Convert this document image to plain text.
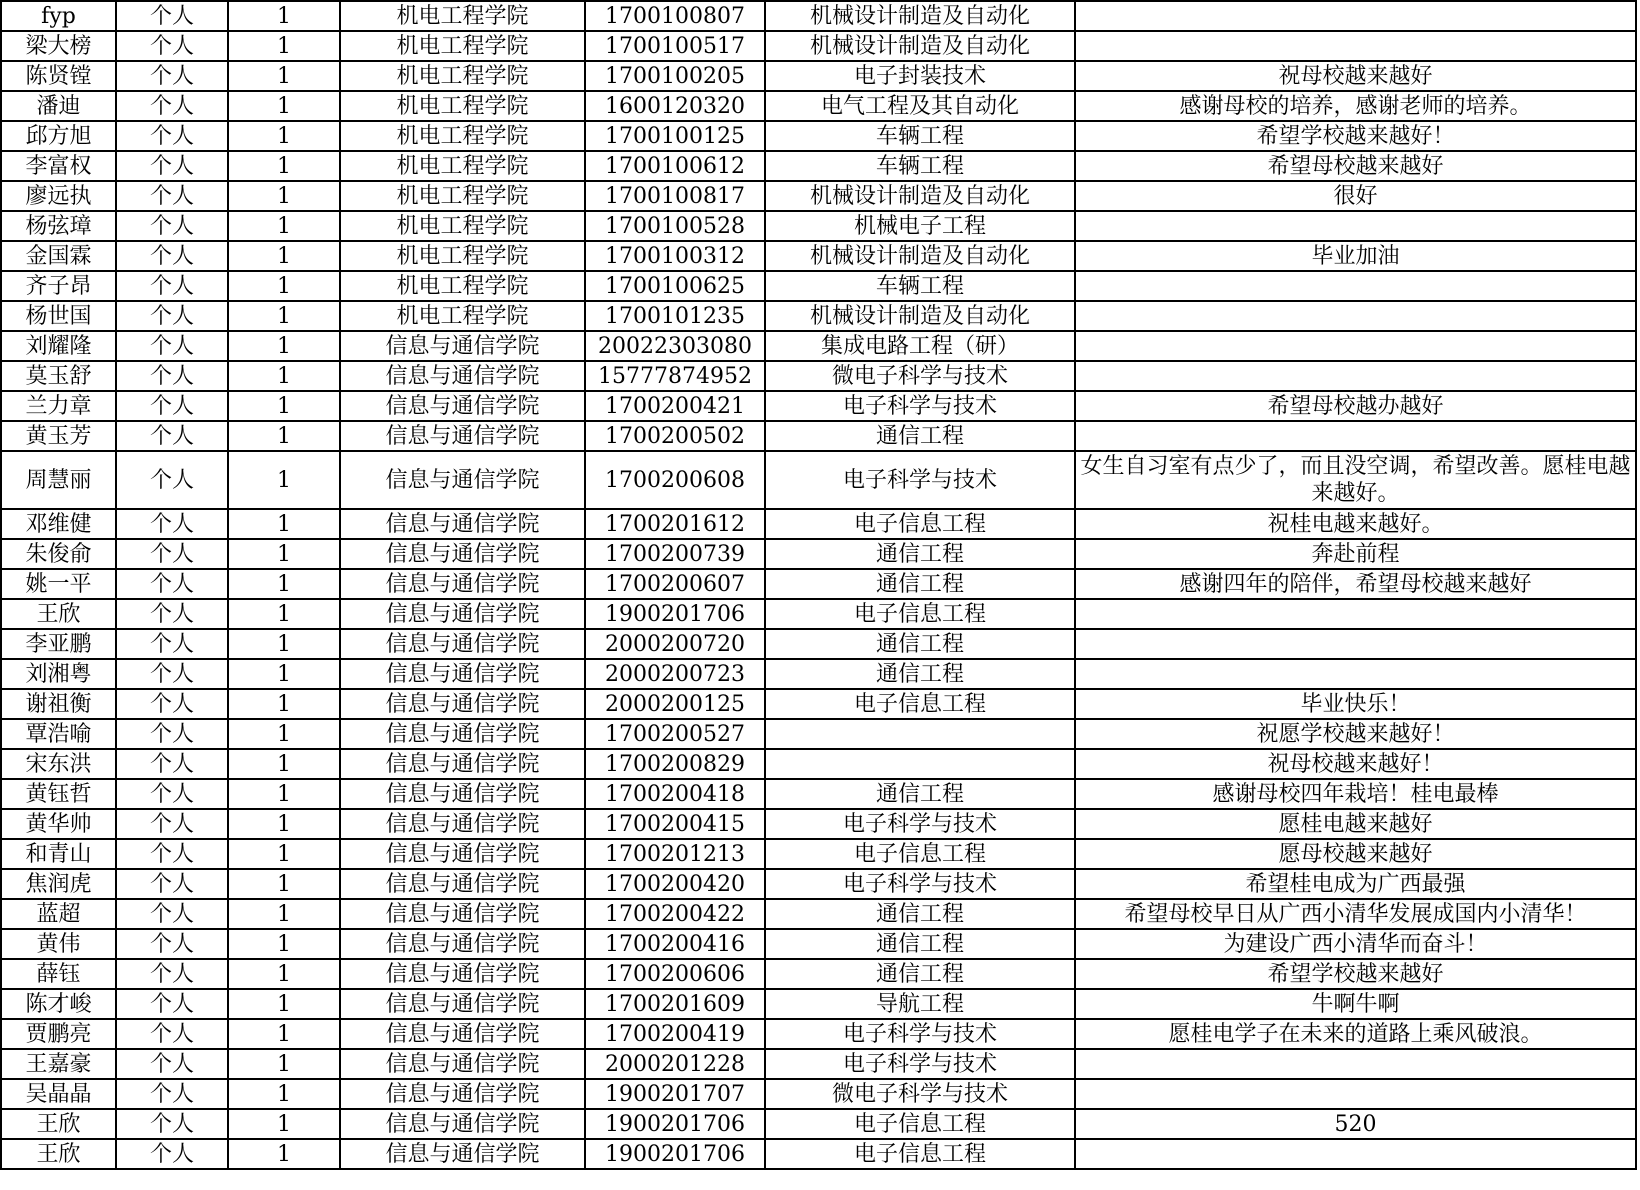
fyp	个人	1	机电工程学院	1700100807	机械设计制造及自动化	
梁大榜	个人	1	机电工程学院	1700100517	机械设计制造及自动化	
陈贤镗	个人	1	机电工程学院	1700100205	电子封装技术	祝母校越来越好
潘迪	个人	1	机电工程学院	1600120320	电气工程及其自动化	感谢母校的培养，感谢老师的培养。
邱方旭	个人	1	机电工程学院	1700100125	车辆工程	希望学校越来越好！
李富权	个人	1	机电工程学院	1700100612	车辆工程	希望母校越来越好
廖远执	个人	1	机电工程学院	1700100817	机械设计制造及自动化	很好
杨弦璋	个人	1	机电工程学院	1700100528	机械电子工程	
金国霖	个人	1	机电工程学院	1700100312	机械设计制造及自动化	毕业加油
齐子昂	个人	1	机电工程学院	1700100625	车辆工程	
杨世国	个人	1	机电工程学院	1700101235	机械设计制造及自动化	
刘耀隆	个人	1	信息与通信学院	20022303080	集成电路工程（研）	
莫玉舒	个人	1	信息与通信学院	15777874952	微电子科学与技术	
兰力章	个人	1	信息与通信学院	1700200421	电子科学与技术	希望母校越办越好
黄玉芳	个人	1	信息与通信学院	1700200502	通信工程	
周慧丽	个人	1	信息与通信学院	1700200608	电子科学与技术	女生自习室有点少了，而且没空调，希望改善。愿桂电越来越好。
邓维健	个人	1	信息与通信学院	1700201612	电子信息工程	祝桂电越来越好。
朱俊俞	个人	1	信息与通信学院	1700200739	通信工程	奔赴前程
姚一平	个人	1	信息与通信学院	1700200607	通信工程	感谢四年的陪伴，希望母校越来越好
王欣	个人	1	信息与通信学院	1900201706	电子信息工程	
李亚鹏	个人	1	信息与通信学院	2000200720	通信工程	
刘湘粤	个人	1	信息与通信学院	2000200723	通信工程	
谢祖衡	个人	1	信息与通信学院	2000200125	电子信息工程	毕业快乐！
覃浩喻	个人	1	信息与通信学院	1700200527		祝愿学校越来越好！
宋东洪	个人	1	信息与通信学院	1700200829		祝母校越来越好！
黄钰哲	个人	1	信息与通信学院	1700200418	通信工程	感谢母校四年栽培！桂电最棒
黄华帅	个人	1	信息与通信学院	1700200415	电子科学与技术	愿桂电越来越好
和青山	个人	1	信息与通信学院	1700201213	电子信息工程	愿母校越来越好
焦润虎	个人	1	信息与通信学院	1700200420	电子科学与技术	希望桂电成为广西最强
蓝超	个人	1	信息与通信学院	1700200422	通信工程	希望母校早日从广西小清华发展成国内小清华！
黄伟	个人	1	信息与通信学院	1700200416	通信工程	为建设广西小清华而奋斗！
薛钰	个人	1	信息与通信学院	1700200606	通信工程	希望学校越来越好
陈才峻	个人	1	信息与通信学院	1700201609	导航工程	牛啊牛啊
贾鹏亮	个人	1	信息与通信学院	1700200419	电子科学与技术	愿桂电学子在未来的道路上乘风破浪。
王嘉豪	个人	1	信息与通信学院	2000201228	电子科学与技术	
吴晶晶	个人	1	信息与通信学院	1900201707	微电子科学与技术	
王欣	个人	1	信息与通信学院	1900201706	电子信息工程	520
王欣	个人	1	信息与通信学院	1900201706	电子信息工程	
